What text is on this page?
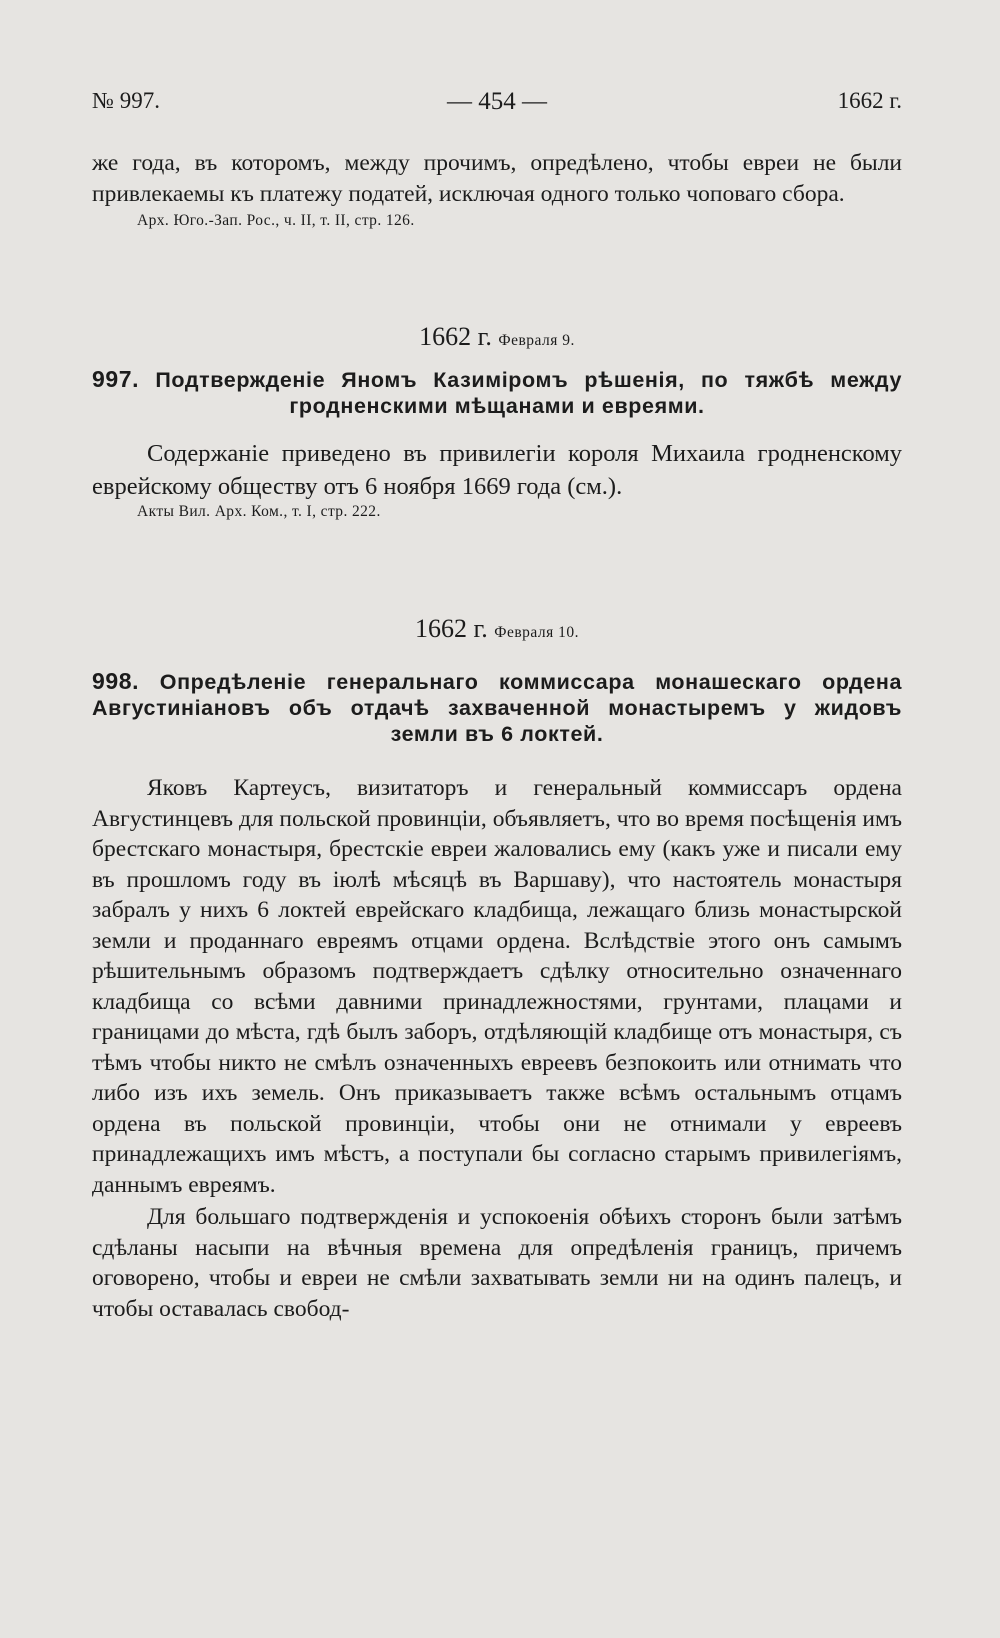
№ 997.	— 454 —	1662 г.

же года, въ которомъ, между прочимъ, опредѣлено, чтобы евреи не были привлекаемы къ платежу податей, исключая одного только чоповаго сбора.

Арх. Юго.-Зап. Рос., ч. II, т. II, стр. 126.

1662 г. Февраля 9.

997. Подтвержденіе Яномъ Казиміромъ рѣшенія, по тяжбѣ между гродненскими мѣщанами и евреями.

Содержаніе приведено въ привилегіи короля Михаила гродненскому еврейскому обществу отъ 6 ноября 1669 года (см.).

Акты Вил. Арх. Ком., т. I, стр. 222.

1662 г. Февраля 10.

998. Опредѣленіе генеральнаго коммиссара монашескаго ордена Августиніановъ объ отдачѣ захваченной монастыремъ у жидовъ земли въ 6 локтей.

Яковъ Картеусъ, визитаторъ и генеральный коммиссаръ ордена Августинцевъ для польской провинціи, объявляетъ, что во время посѣщенія имъ брестскаго монастыря, брестскіе евреи жаловались ему (какъ уже и писали ему въ прошломъ году въ іюлѣ мѣсяцѣ въ Варшаву), что настоятель монастыря забралъ у нихъ 6 локтей еврейскаго кладбища, лежащаго близь монастырской земли и проданнаго евреямъ отцами ордена. Вслѣдствіе этого онъ самымъ рѣшительнымъ образомъ подтверждаетъ сдѣлку относительно означеннаго кладбища со всѣми давними принадлежностями, грунтами, плацами и границами до мѣста, гдѣ былъ заборъ, отдѣляющій кладбище отъ монастыря, съ тѣмъ чтобы никто не смѣлъ означенныхъ евреевъ безпокоить или отнимать что либо изъ ихъ земель. Онъ приказываетъ также всѣмъ остальнымъ отцамъ ордена въ польской провинціи, чтобы они не отнимали у евреевъ принадлежащихъ имъ мѣстъ, а поступали бы согласно старымъ привилегіямъ, даннымъ евреямъ.

Для большаго подтвержденія и успокоенія обѣихъ сторонъ были затѣмъ сдѣланы насыпи на вѣчныя времена для опредѣленія границъ, причемъ оговорено, чтобы и евреи не смѣли захватывать земли ни на одинъ палецъ, и чтобы оставалась свобод-
